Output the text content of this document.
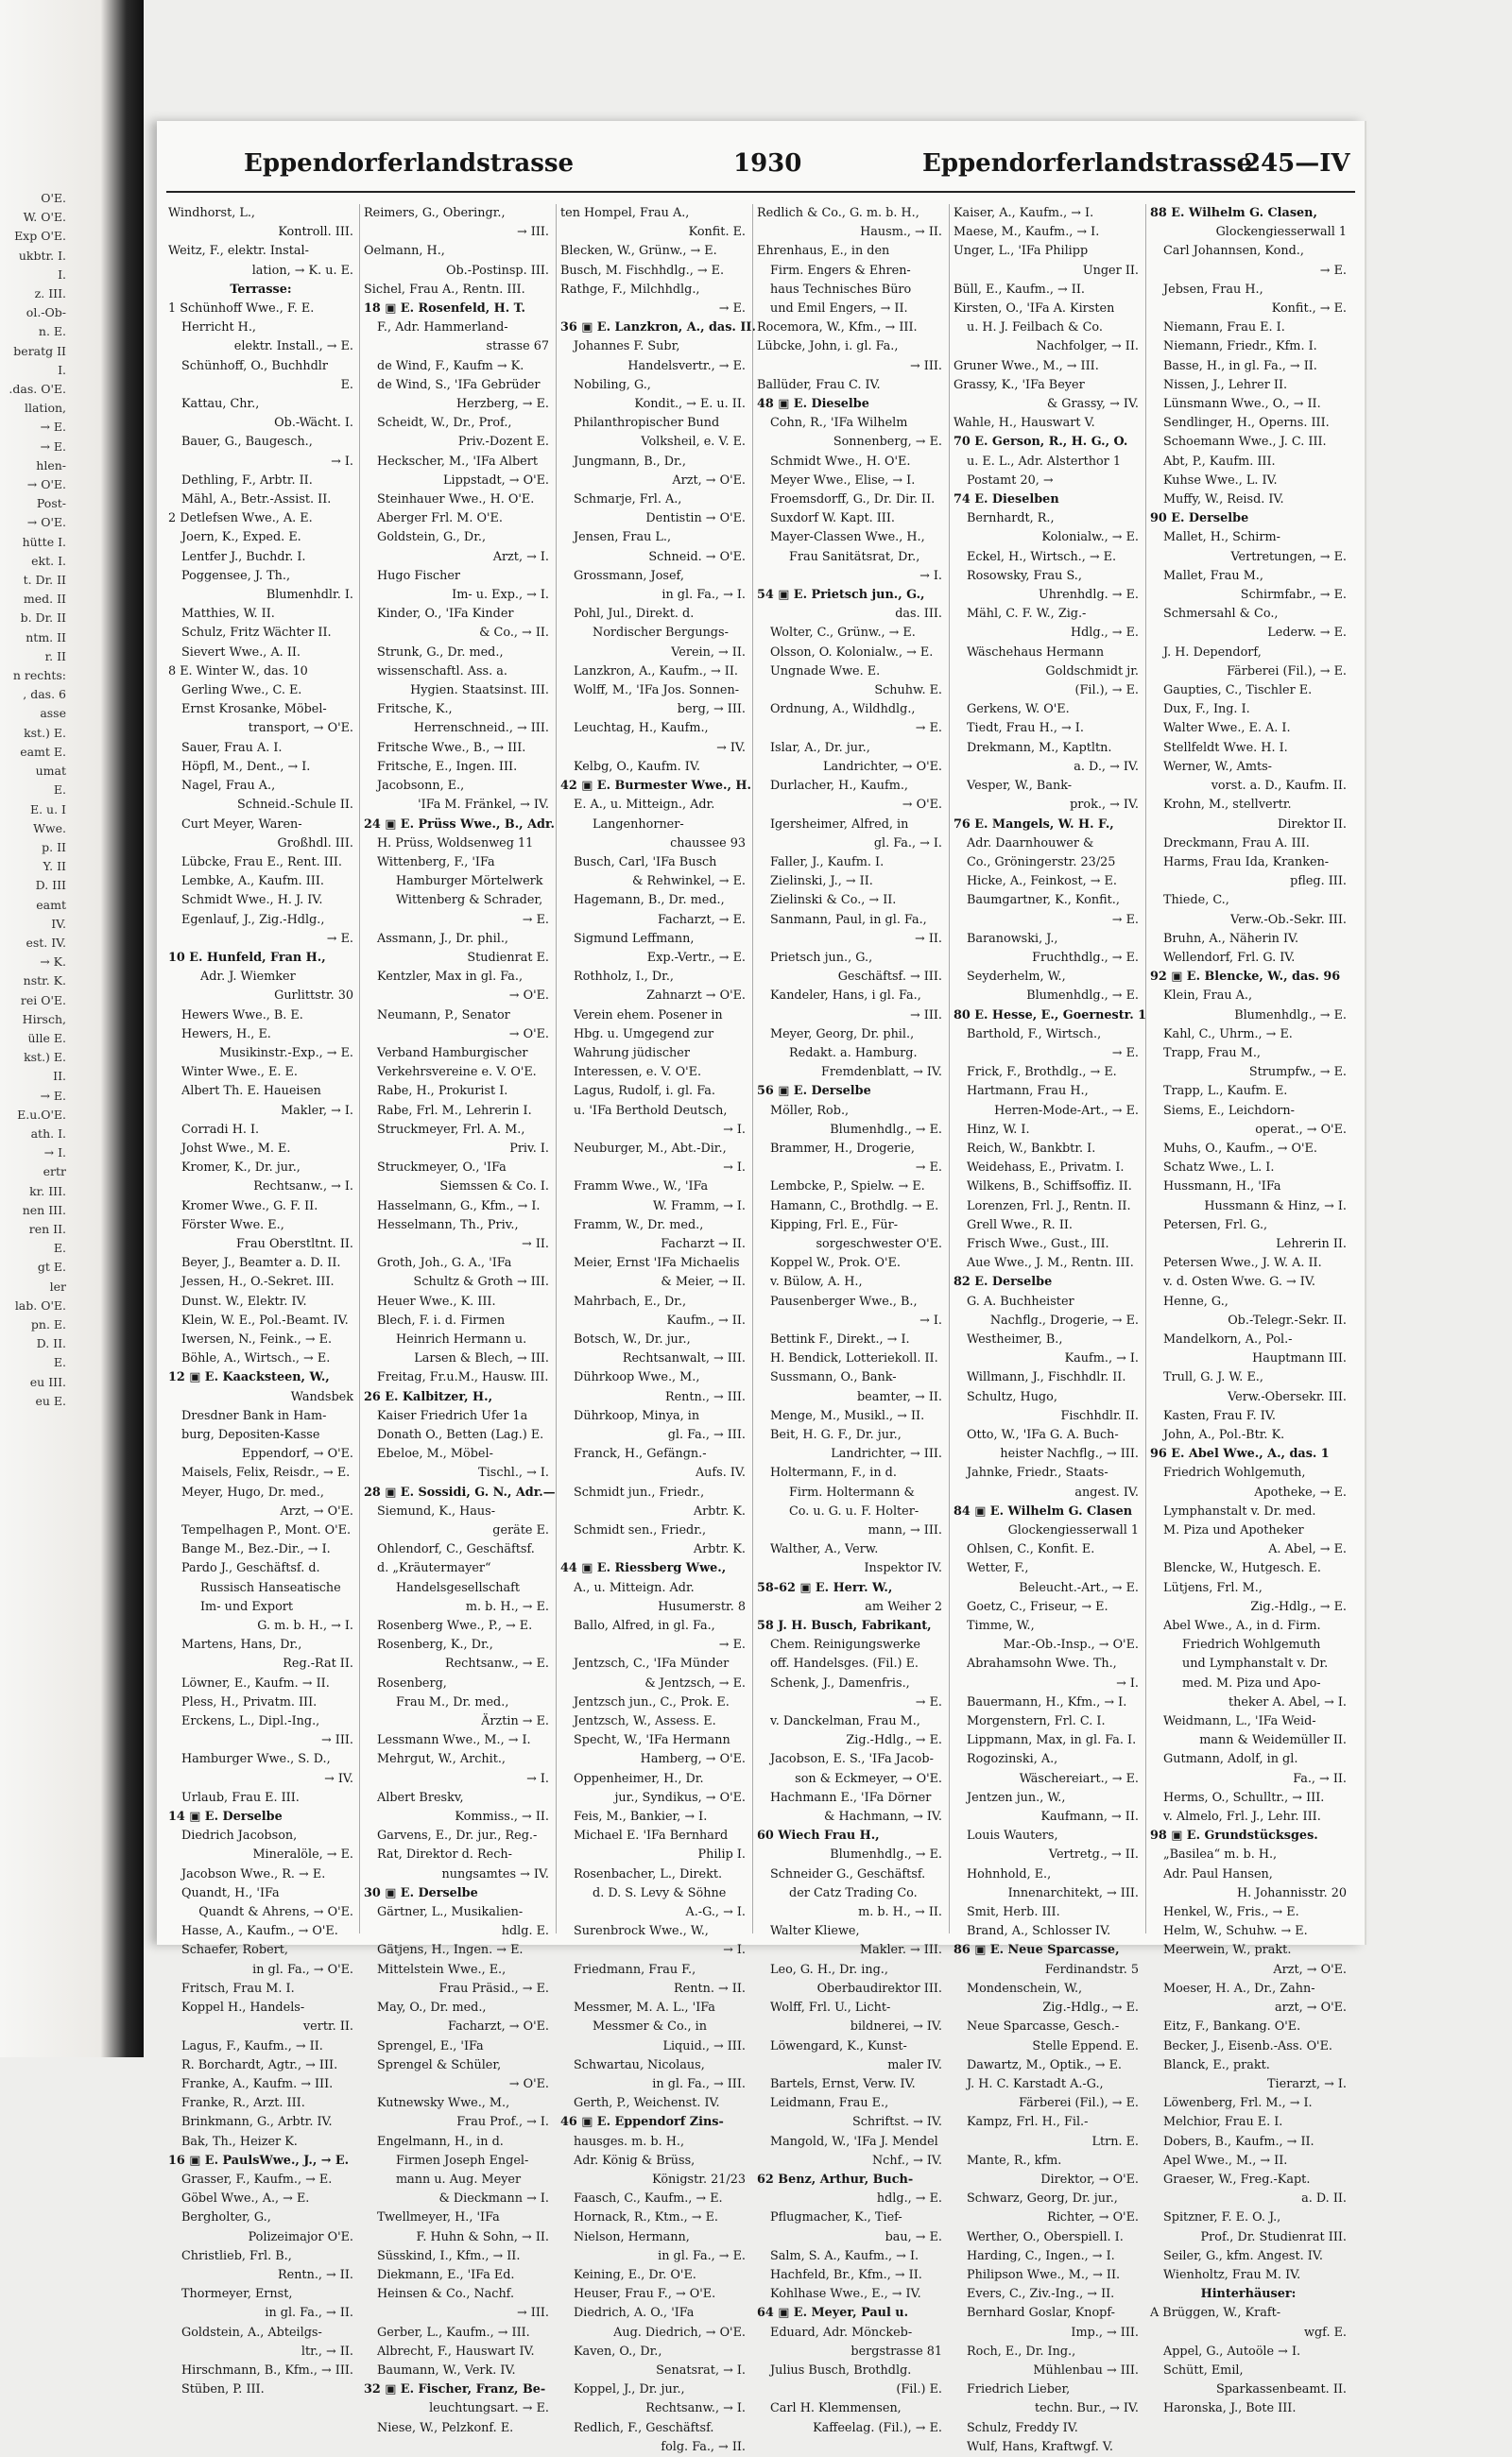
O'E.
W. O'E.
Exp O'E.
ukbtr. I.
I.
z. III.
ol.-Ob-
n. E.
beratg II
I.
.das. O'E.
llation,
→ E.
→ E.
hlen-
→ O'E.
Post-
→ O'E.
hütte I.
ekt. I.
t. Dr. II
med. II
b. Dr. II
ntm. II
r. II
n rechts:
, das. 6
asse
kst.) E.
eamt E.
umat
E.
E. u. I
Wwe.
p. II
Y. II
D. III
eamt
IV.
est. IV.
→ K.
nstr. K.
rei O'E.
Hirsch,
ülle E.
kst.) E.
II.
→ E.
E.u.O'E.
ath. I.
→ I.
ertr
kr. III.
nen III.
ren II.
E.
gt E.
ler
lab. O'E.
pn. E.
D. II.
E.
eu III.
eu E.
Eppendorferlandstrasse	1930	Eppendorferlandstrasse
245—IV
Windhorst, L.,
Kontroll. III.
Weitz, F., elektr. Instal-
lation, → K. u. E.
Terrasse:
1 Schünhoff Wwe., F. E.
Herricht H.,
elektr. Install., → E.
Schünhoff, O., Buchhdlr
E.
Kattau, Chr.,
Ob.-Wächt. I.
Bauer, G., Baugesch.,
→ I.
Dethling, F., Arbtr. II.
Mähl, A., Betr.-Assist. II.
2 Detlefsen Wwe., A. E.
Joern, K., Exped. E.
Lentfer J., Buchdr. I.
Poggensee, J. Th.,
Blumenhdlr. I.
Matthies, W. II.
Schulz, Fritz Wächter II.
Sievert Wwe., A. II.
8 E. Winter W., das. 10
Gerling Wwe., C. E.
Ernst Krosanke, Möbel-
transport, → O'E.
Sauer, Frau A. I.
Höpfl, M., Dent., → I.
Nagel, Frau A.,
Schneid.-Schule II.
Curt Meyer, Waren-
Großhdl. III.
Lübcke, Frau E., Rent. III.
Lembke, A., Kaufm. III.
Schmidt Wwe., H. J. IV.
Egenlauf, J., Zig.-Hdlg.,
→ E.
10 E. Hunfeld, Fran H.,
Adr. J. Wiemker
Gurlittstr. 30
Hewers Wwe., B. E.
Hewers, H., E.
Musikinstr.-Exp., → E.
Winter Wwe., E. E.
Albert Th. E. Haueisen
Makler, → I.
Corradi H. I.
Johst Wwe., M. E.
Kromer, K., Dr. jur.,
Rechtsanw., → I.
Kromer Wwe., G. F. II.
Förster Wwe. E.,
Frau Oberstltnt. II.
Beyer, J., Beamter a. D. II.
Jessen, H., O.-Sekret. III.
Dunst. W., Elektr. IV.
Klein, W. E., Pol.-Beamt. IV.
Iwersen, N., Feink., → E.
Böhle, A., Wirtsch., → E.
12 ▣ E. Kaacksteen, W.,
Wandsbek
Dresdner Bank in Ham-
burg, Depositen-Kasse
Eppendorf, → O'E.
Maisels, Felix, Reisdr., → E.
Meyer, Hugo, Dr. med.,
Arzt, → O'E.
Tempelhagen P., Mont. O'E.
Bange M., Bez.-Dir., → I.
Pardo J., Geschäftsf. d.
Russisch Hanseatische
Im- und Export
G. m. b. H., → I.
Martens, Hans, Dr.,
Reg.-Rat II.
Löwner, E., Kaufm. → II.
Pless, H., Privatm. III.
Erckens, L., Dipl.-Ing.,
→ III.
Hamburger Wwe., S. D.,
→ IV.
Urlaub, Frau E. III.
14 ▣ E. Derselbe
Diedrich Jacobson,
Mineralöle, → E.
Jacobson Wwe., R. → E.
Quandt, H., 'IFa
Quandt & Ahrens, → O'E.
Hasse, A., Kaufm., → O'E.
Schaefer, Robert,
in gl. Fa., → O'E.
Fritsch, Frau M. I.
Koppel H., Handels-
vertr. II.
Lagus, F., Kaufm., → II.
R. Borchardt, Agtr., → III.
Franke, A., Kaufm. → III.
Franke, R., Arzt. III.
Brinkmann, G., Arbtr. IV.
Bak, Th., Heizer K.
16 ▣ E. PaulsWwe., J., → E.
Grasser, F., Kaufm., → E.
Göbel Wwe., A., → E.
Bergholter, G.,
Polizeimajor O'E.
Christlieb, Frl. B.,
Rentn., → II.
Thormeyer, Ernst,
in gl. Fa., → II.
Goldstein, A., Abteilgs-
ltr., → II.
Hirschmann, B., Kfm., → III.
Stüben, P. III.
Reimers, G., Oberingr.,
→ III.
Oelmann, H.,
Ob.-Postinsp. III.
Sichel, Frau A., Rentn. III.
18 ▣ E. Rosenfeld, H. T.
F., Adr. Hammerland-
strasse 67
de Wind, F., Kaufm → K.
de Wind, S., 'IFa Gebrüder
Herzberg, → E.
Scheidt, W., Dr., Prof.,
Priv.-Dozent E.
Heckscher, M., 'IFa Albert
Lippstadt, → O'E.
Steinhauer Wwe., H. O'E.
Aberger Frl. M. O'E.
Goldstein, G., Dr.,
Arzt, → I.
Hugo Fischer
Im- u. Exp., → I.
Kinder, O., 'IFa Kinder
& Co., → II.
Strunk, G., Dr. med.,
wissenschaftl. Ass. a.
Hygien. Staatsinst. III.
Fritsche, K.,
Herrenschneid., → III.
Fritsche Wwe., B., → III.
Fritsche, E., Ingen. III.
Jacobsonn, E.,
'IFa M. Fränkel, → IV.
24 ▣ E. Prüss Wwe., B., Adr.
H. Prüss, Woldsenweg 11
Wittenberg, F., 'IFa
Hamburger Mörtelwerk
Wittenberg & Schrader,
→ E.
Assmann, J., Dr. phil.,
Studienrat E.
Kentzler, Max in gl. Fa.,
→ O'E.
Neumann, P., Senator
→ O'E.
Verband Hamburgischer
Verkehrsvereine e. V. O'E.
Rabe, H., Prokurist I.
Rabe, Frl. M., Lehrerin I.
Struckmeyer, Frl. A. M.,
Priv. I.
Struckmeyer, O., 'IFa
Siemssen & Co. I.
Hasselmann, G., Kfm., → I.
Hesselmann, Th., Priv.,
→ II.
Groth, Joh., G. A., 'IFa
Schultz & Groth → III.
Heuer Wwe., K. III.
Blech, F. i. d. Firmen
Heinrich Hermann u.
Larsen & Blech, → III.
Freitag, Fr.u.M., Hausw. III.
26 E. Kalbitzer, H.,
Kaiser Friedrich Ufer 1a
Donath O., Betten (Lag.) E.
Ebeloe, M., Möbel-
Tischl., → I.
28 ▣ E. Sossidi, G. N., Adr.—
Siemund, K., Haus-
geräte E.
Ohlendorf, C., Geschäftsf.
d. „Kräutermayer“
Handelsgesellschaft
m. b. H., → E.
Rosenberg Wwe., P., → E.
Rosenberg, K., Dr.,
Rechtsanw., → E.
Rosenberg,
Frau M., Dr. med.,
Ärztin → E.
Lessmann Wwe., M., → I.
Mehrgut, W., Archit.,
→ I.
Albert Breskv,
Kommiss., → II.
Garvens, E., Dr. jur., Reg.-
Rat, Direktor d. Rech-
nungsamtes → IV.
30 ▣ E. Derselbe
Gärtner, L., Musikalien-
hdlg. E.
Gätjens, H., Ingen. → E.
Mittelstein Wwe., E.,
Frau Präsid., → E.
May, O., Dr. med.,
Facharzt, → O'E.
Sprengel, E., 'IFa
Sprengel & Schüler,
→ O'E.
Kutnewsky Wwe., M.,
Frau Prof., → I.
Engelmann, H., in d.
Firmen Joseph Engel-
mann u. Aug. Meyer
& Dieckmann → I.
Twellmeyer, H., 'IFa
F. Huhn & Sohn, → II.
Süsskind, I., Kfm., → II.
Diekmann, E., 'IFa Ed.
Heinsen & Co., Nachf.
→ III.
Gerber, L., Kaufm., → III.
Albrecht, F., Hauswart IV.
Baumann, W., Verk. IV.
32 ▣ E. Fischer, Franz, Be-
leuchtungsart. → E.
Niese, W., Pelzkonf. E.
ten Hompel, Frau A.,
Konfit. E.
Blecken, W., Grünw., → E.
Busch, M. Fischhdlg., → E.
Rathge, F., Milchhdlg.,
→ E.
36 ▣ E. Lanzkron, A., das. II.
Johannes F. Subr,
Handelsvertr., → E.
Nobiling, G.,
Kondit., → E. u. II.
Philanthropischer Bund
Volksheil, e. V. E.
Jungmann, B., Dr.,
Arzt, → O'E.
Schmarje, Frl. A.,
Dentistin → O'E.
Jensen, Frau L.,
Schneid. → O'E.
Grossmann, Josef,
in gl. Fa., → I.
Pohl, Jul., Direkt. d.
Nordischer Bergungs-
Verein, → II.
Lanzkron, A., Kaufm., → II.
Wolff, M., 'IFa Jos. Sonnen-
berg, → III.
Leuchtag, H., Kaufm.,
→ IV.
Kelbg, O., Kaufm. IV.
42 ▣ E. Burmester Wwe., H.
E. A., u. Mitteign., Adr.
Langenhorner-
chaussee 93
Busch, Carl, 'IFa Busch
& Rehwinkel, → E.
Hagemann, B., Dr. med.,
Facharzt, → E.
Sigmund Leffmann,
Exp.-Vertr., → E.
Rothholz, I., Dr.,
Zahnarzt → O'E.
Verein ehem. Posener in
Hbg. u. Umgegend zur
Wahrung jüdischer
Interessen, e. V. O'E.
Lagus, Rudolf, i. gl. Fa.
u. 'IFa Berthold Deutsch,
→ I.
Neuburger, M., Abt.-Dir.,
→ I.
Framm Wwe., W., 'IFa
W. Framm, → I.
Framm, W., Dr. med.,
Facharzt → II.
Meier, Ernst 'IFa Michaelis
& Meier, → II.
Mahrbach, E., Dr.,
Kaufm., → II.
Botsch, W., Dr. jur.,
Rechtsanwalt, → III.
Dührkoop Wwe., M.,
Rentn., → III.
Dührkoop, Minya, in
gl. Fa., → III.
Franck, H., Gefängn.-
Aufs. IV.
Schmidt jun., Friedr.,
Arbtr. K.
Schmidt sen., Friedr.,
Arbtr. K.
44 ▣ E. Riessberg Wwe.,
A., u. Mitteign. Adr.
Husumerstr. 8
Ballo, Alfred, in gl. Fa.,
→ E.
Jentzsch, C., 'IFa Münder
& Jentzsch, → E.
Jentzsch jun., C., Prok. E.
Jentzsch, W., Assess. E.
Specht, W., 'IFa Hermann
Hamberg, → O'E.
Oppenheimer, H., Dr.
jur., Syndikus, → O'E.
Feis, M., Bankier, → I.
Michael E. 'IFa Bernhard
Philip I.
Rosenbacher, L., Direkt.
d. D. S. Levy & Söhne
A.-G., → I.
Surenbrock Wwe., W.,
→ I.
Friedmann, Frau F.,
Rentn. → II.
Messmer, M. A. L., 'IFa
Messmer & Co., in
Liquid., → III.
Schwartau, Nicolaus,
in gl. Fa., → III.
Gerth, P., Weichenst. IV.
46 ▣ E. Eppendorf Zins-
hausges. m. b. H.,
Adr. König & Brüss,
Königstr. 21/23
Faasch, C., Kaufm., → E.
Hornack, R., Ktm., → E.
Nielson, Hermann,
in gl. Fa., → E.
Keining, E., Dr. O'E.
Heuser, Frau F., → O'E.
Diedrich, A. O., 'IFa
Aug. Diedrich, → O'E.
Kaven, O., Dr.,
Senatsrat, → I.
Koppel, J., Dr. jur.,
Rechtsanw., → I.
Redlich, F., Geschäftsf.
folg. Fa., → II.
Redlich & Co., G. m. b. H.,
Hausm., → II.
Ehrenhaus, E., in den
Firm. Engers & Ehren-
haus Technisches Büro
und Emil Engers, → II.
Rocemora, W., Kfm., → III.
Lübcke, John, i. gl. Fa.,
→ III.
Ballüder, Frau C. IV.
48 ▣ E. Dieselbe
Cohn, R., 'IFa Wilhelm
Sonnenberg, → E.
Schmidt Wwe., H. O'E.
Meyer Wwe., Elise, → I.
Froemsdorff, G., Dr. Dir. II.
Suxdorf W. Kapt. III.
Mayer-Classen Wwe., H.,
Frau Sanitätsrat, Dr.,
→ I.
54 ▣ E. Prietsch jun., G.,
das. III.
Wolter, C., Grünw., → E.
Olsson, O. Kolonialw., → E.
Ungnade Wwe. E.
Schuhw. E.
Ordnung, A., Wildhdlg.,
→ E.
Islar, A., Dr. jur.,
Landrichter, → O'E.
Durlacher, H., Kaufm.,
→ O'E.
Igersheimer, Alfred, in
gl. Fa., → I.
Faller, J., Kaufm. I.
Zielinski, J., → II.
Zielinski & Co., → II.
Sanmann, Paul, in gl. Fa.,
→ II.
Prietsch jun., G.,
Geschäftsf. → III.
Kandeler, Hans, i gl. Fa.,
→ III.
Meyer, Georg, Dr. phil.,
Redakt. a. Hamburg.
Fremdenblatt, → IV.
56 ▣ E. Derselbe
Möller, Rob.,
Blumenhdlg., → E.
Brammer, H., Drogerie,
→ E.
Lembcke, P., Spielw. → E.
Hamann, C., Brothdlg. → E.
Kipping, Frl. E., Für-
sorgeschwester O'E.
Koppel W., Prok. O'E.
v. Bülow, A. H.,
Pausenberger Wwe., B.,
→ I.
Bettink F., Direkt., → I.
H. Bendick, Lotteriekoll. II.
Sussmann, O., Bank-
beamter, → II.
Menge, M., Musikl., → II.
Beit, H. G. F., Dr. jur.,
Landrichter, → III.
Holtermann, F., in d.
Firm. Holtermann &
Co. u. G. u. F. Holter-
mann, → III.
Walther, A., Verw.
Inspektor IV.
58-62 ▣ E. Herr. W.,
am Weiher 2
58 J. H. Busch, Fabrikant,
Chem. Reinigungswerke
off. Handelsges. (Fil.) E.
Schenk, J., Damenfris.,
→ E.
v. Danckelman, Frau M.,
Zig.-Hdlg., → E.
Jacobson, E. S., 'IFa Jacob-
son & Eckmeyer, → O'E.
Hachmann E., 'IFa Dörner
& Hachmann, → IV.
60 Wiech Frau H.,
Blumenhdlg., → E.
Schneider G., Geschäftsf.
der Catz Trading Co.
m. b. H., → II.
Walter Kliewe,
Makler. → III.
Leo, G. H., Dr. ing.,
Oberbaudirektor III.
Wolff, Frl. U., Licht-
bildnerei, → IV.
Löwengard, K., Kunst-
maler IV.
Bartels, Ernst, Verw. IV.
Leidmann, Frau E.,
Schriftst. → IV.
Mangold, W., 'IFa J. Mendel
Nchf., → IV.
62 Benz, Arthur, Buch-
hdlg., → E.
Pflugmacher, K., Tief-
bau, → E.
Salm, S. A., Kaufm., → I.
Hachfeld, Br., Kfm., → II.
Kohlhase Wwe., E., → IV.
64 ▣ E. Meyer, Paul u.
Eduard, Adr. Mönckeb-
bergstrasse 81
Julius Busch, Brothdlg.
(Fil.) E.
Carl H. Klemmensen,
Kaffeelag. (Fil.), → E.
Kaiser, A., Kaufm., → I.
Maese, M., Kaufm., → I.
Unger, L., 'IFa Philipp
Unger II.
Büll, E., Kaufm., → II.
Kirsten, O., 'IFa A. Kirsten
u. H. J. Feilbach & Co.
Nachfolger, → II.
Gruner Wwe., M., → III.
Grassy, K., 'IFa Beyer
& Grassy, → IV.
Wahle, H., Hauswart V.
70 E. Gerson, R., H. G., O.
u. E. L., Adr. Alsterthor 1
Postamt 20, →
74 E. Dieselben
Bernhardt, R.,
Kolonialw., → E.
Eckel, H., Wirtsch., → E.
Rosowsky, Frau S.,
Uhrenhdlg. → E.
Mähl, C. F. W., Zig.-
Hdlg., → E.
Wäschehaus Hermann
Goldschmidt jr.
(Fil.), → E.
Gerkens, W. O'E.
Tiedt, Frau H., → I.
Drekmann, M., Kaptltn.
a. D., → IV.
Vesper, W., Bank-
prok., → IV.
76 E. Mangels, W. H. F.,
Adr. Daarnhouwer &
Co., Gröningerstr. 23/25
Hicke, A., Feinkost, → E.
Baumgartner, K., Konfit.,
→ E.
Baranowski, J.,
Fruchthdlg., → E.
Seyderhelm, W.,
Blumenhdlg., → E.
80 E. Hesse, E., Goernestr. 1
Barthold, F., Wirtsch.,
→ E.
Frick, F., Brothdlg., → E.
Hartmann, Frau H.,
Herren-Mode-Art., → E.
Hinz, W. I.
Reich, W., Bankbtr. I.
Weidehass, E., Privatm. I.
Wilkens, B., Schiffsoffiz. II.
Lorenzen, Frl. J., Rentn. II.
Grell Wwe., R. II.
Frisch Wwe., Gust., III.
Aue Wwe., J. M., Rentn. III.
82 E. Derselbe
G. A. Buchheister
Nachflg., Drogerie, → E.
Westheimer, B.,
Kaufm., → I.
Willmann, J., Fischhdlr. II.
Schultz, Hugo,
Fischhdlr. II.
Otto, W., 'IFa G. A. Buch-
heister Nachflg., → III.
Jahnke, Friedr., Staats-
angest. IV.
84 ▣ E. Wilhelm G. Clasen
Glockengiesserwall 1
Ohlsen, C., Konfit. E.
Wetter, F.,
Beleucht.-Art., → E.
Goetz, C., Friseur, → E.
Timme, W.,
Mar.-Ob.-Insp., → O'E.
Abrahamsohn Wwe. Th.,
→ I.
Bauermann, H., Kfm., → I.
Morgenstern, Frl. C. I.
Lippmann, Max, in gl. Fa. I.
Rogozinski, A.,
Wäschereiart., → E.
Jentzen jun., W.,
Kaufmann, → II.
Louis Wauters,
Vertretg., → II.
Hohnhold, E.,
Innenarchitekt, → III.
Smit, Herb. III.
Brand, A., Schlosser IV.
86 ▣ E. Neue Sparcasse,
Ferdinandstr. 5
Mondenschein, W.,
Zig.-Hdlg., → E.
Neue Sparcasse, Gesch.-
Stelle Eppend. E.
Dawartz, M., Optik., → E.
J. H. C. Karstadt A.-G.,
Färberei (Fil.), → E.
Kampz, Frl. H., Fil.-
Ltrn. E.
Mante, R., kfm.
Direktor, → O'E.
Schwarz, Georg, Dr. jur.,
Richter, → O'E.
Werther, O., Oberspiell. I.
Harding, C., Ingen., → I.
Philipson Wwe., M., → II.
Evers, C., Ziv.-Ing., → II.
Bernhard Goslar, Knopf-
Imp., → III.
Roch, E., Dr. Ing.,
Mühlenbau → III.
Friedrich Lieber,
techn. Bur., → IV.
Schulz, Freddy IV.
Wulf, Hans, Kraftwgf. V.
88 E. Wilhelm G. Clasen,
Glockengiesserwall 1
Carl Johannsen, Kond.,
→ E.
Jebsen, Frau H.,
Konfit., → E.
Niemann, Frau E. I.
Niemann, Friedr., Kfm. I.
Basse, H., in gl. Fa., → II.
Nissen, J., Lehrer II.
Lünsmann Wwe., O., → II.
Sendlinger, H., Operns. III.
Schoemann Wwe., J. C. III.
Abt, P., Kaufm. III.
Kuhse Wwe., L. IV.
Muffy, W., Reisd. IV.
90 E. Derselbe
Mallet, H., Schirm-
Vertretungen, → E.
Mallet, Frau M.,
Schirmfabr., → E.
Schmersahl & Co.,
Lederw. → E.
J. H. Dependorf,
Färberei (Fil.), → E.
Gaupties, C., Tischler E.
Dux, F., Ing. I.
Walter Wwe., E. A. I.
Stellfeldt Wwe. H. I.
Werner, W., Amts-
vorst. a. D., Kaufm. II.
Krohn, M., stellvertr.
Direktor II.
Dreckmann, Frau A. III.
Harms, Frau Ida, Kranken-
pfleg. III.
Thiede, C.,
Verw.-Ob.-Sekr. III.
Bruhn, A., Näherin IV.
Wellendorf, Frl. G. IV.
92 ▣ E. Blencke, W., das. 96
Klein, Frau A.,
Blumenhdlg., → E.
Kahl, C., Uhrm., → E.
Trapp, Frau M.,
Strumpfw., → E.
Trapp, L., Kaufm. E.
Siems, E., Leichdorn-
operat., → O'E.
Muhs, O., Kaufm., → O'E.
Schatz Wwe., L. I.
Hussmann, H., 'IFa
Hussmann & Hinz, → I.
Petersen, Frl. G.,
Lehrerin II.
Petersen Wwe., J. W. A. II.
v. d. Osten Wwe. G. → IV.
Henne, G.,
Ob.-Telegr.-Sekr. II.
Mandelkorn, A., Pol.-
Hauptmann III.
Trull, G. J. W. E.,
Verw.-Obersekr. III.
Kasten, Frau F. IV.
John, A., Pol.-Btr. K.
96 E. Abel Wwe., A., das. 1
Friedrich Wohlgemuth,
Apotheke, → E.
Lymphanstalt v. Dr. med.
M. Piza und Apotheker
A. Abel, → E.
Blencke, W., Hutgesch. E.
Lütjens, Frl. M.,
Zig.-Hdlg., → E.
Abel Wwe., A., in d. Firm.
Friedrich Wohlgemuth
und Lymphanstalt v. Dr.
med. M. Piza und Apo-
theker A. Abel, → I.
Weidmann, L., 'IFa Weid-
mann & Weidemüller II.
Gutmann, Adolf, in gl.
Fa., → II.
Herms, O., Schulltr., → III.
v. Almelo, Frl. J., Lehr. III.
98 ▣ E. Grundstücksges.
„Basilea“ m. b. H.,
Adr. Paul Hansen,
H. Johannisstr. 20
Henkel, W., Fris., → E.
Helm, W., Schuhw. → E.
Meerwein, W., prakt.
Arzt, → O'E.
Moeser, H. A., Dr., Zahn-
arzt, → O'E.
Eitz, F., Bankang. O'E.
Becker, J., Eisenb.-Ass. O'E.
Blanck, E., prakt.
Tierarzt, → I.
Löwenberg, Frl. M., → I.
Melchior, Frau E. I.
Dobers, B., Kaufm., → II.
Apel Wwe., M., → II.
Graeser, W., Freg.-Kapt.
a. D. II.
Spitzner, F. E. O. J.,
Prof., Dr. Studienrat III.
Seiler, G., kfm. Angest. IV.
Wienholtz, Frau M. IV.
Hinterhäuser:
A Brüggen, W., Kraft-
wgf. E.
Appel, G., Autoöle → I.
Schütt, Emil,
Sparkassenbeamt. II.
Haronska, J., Bote III.
